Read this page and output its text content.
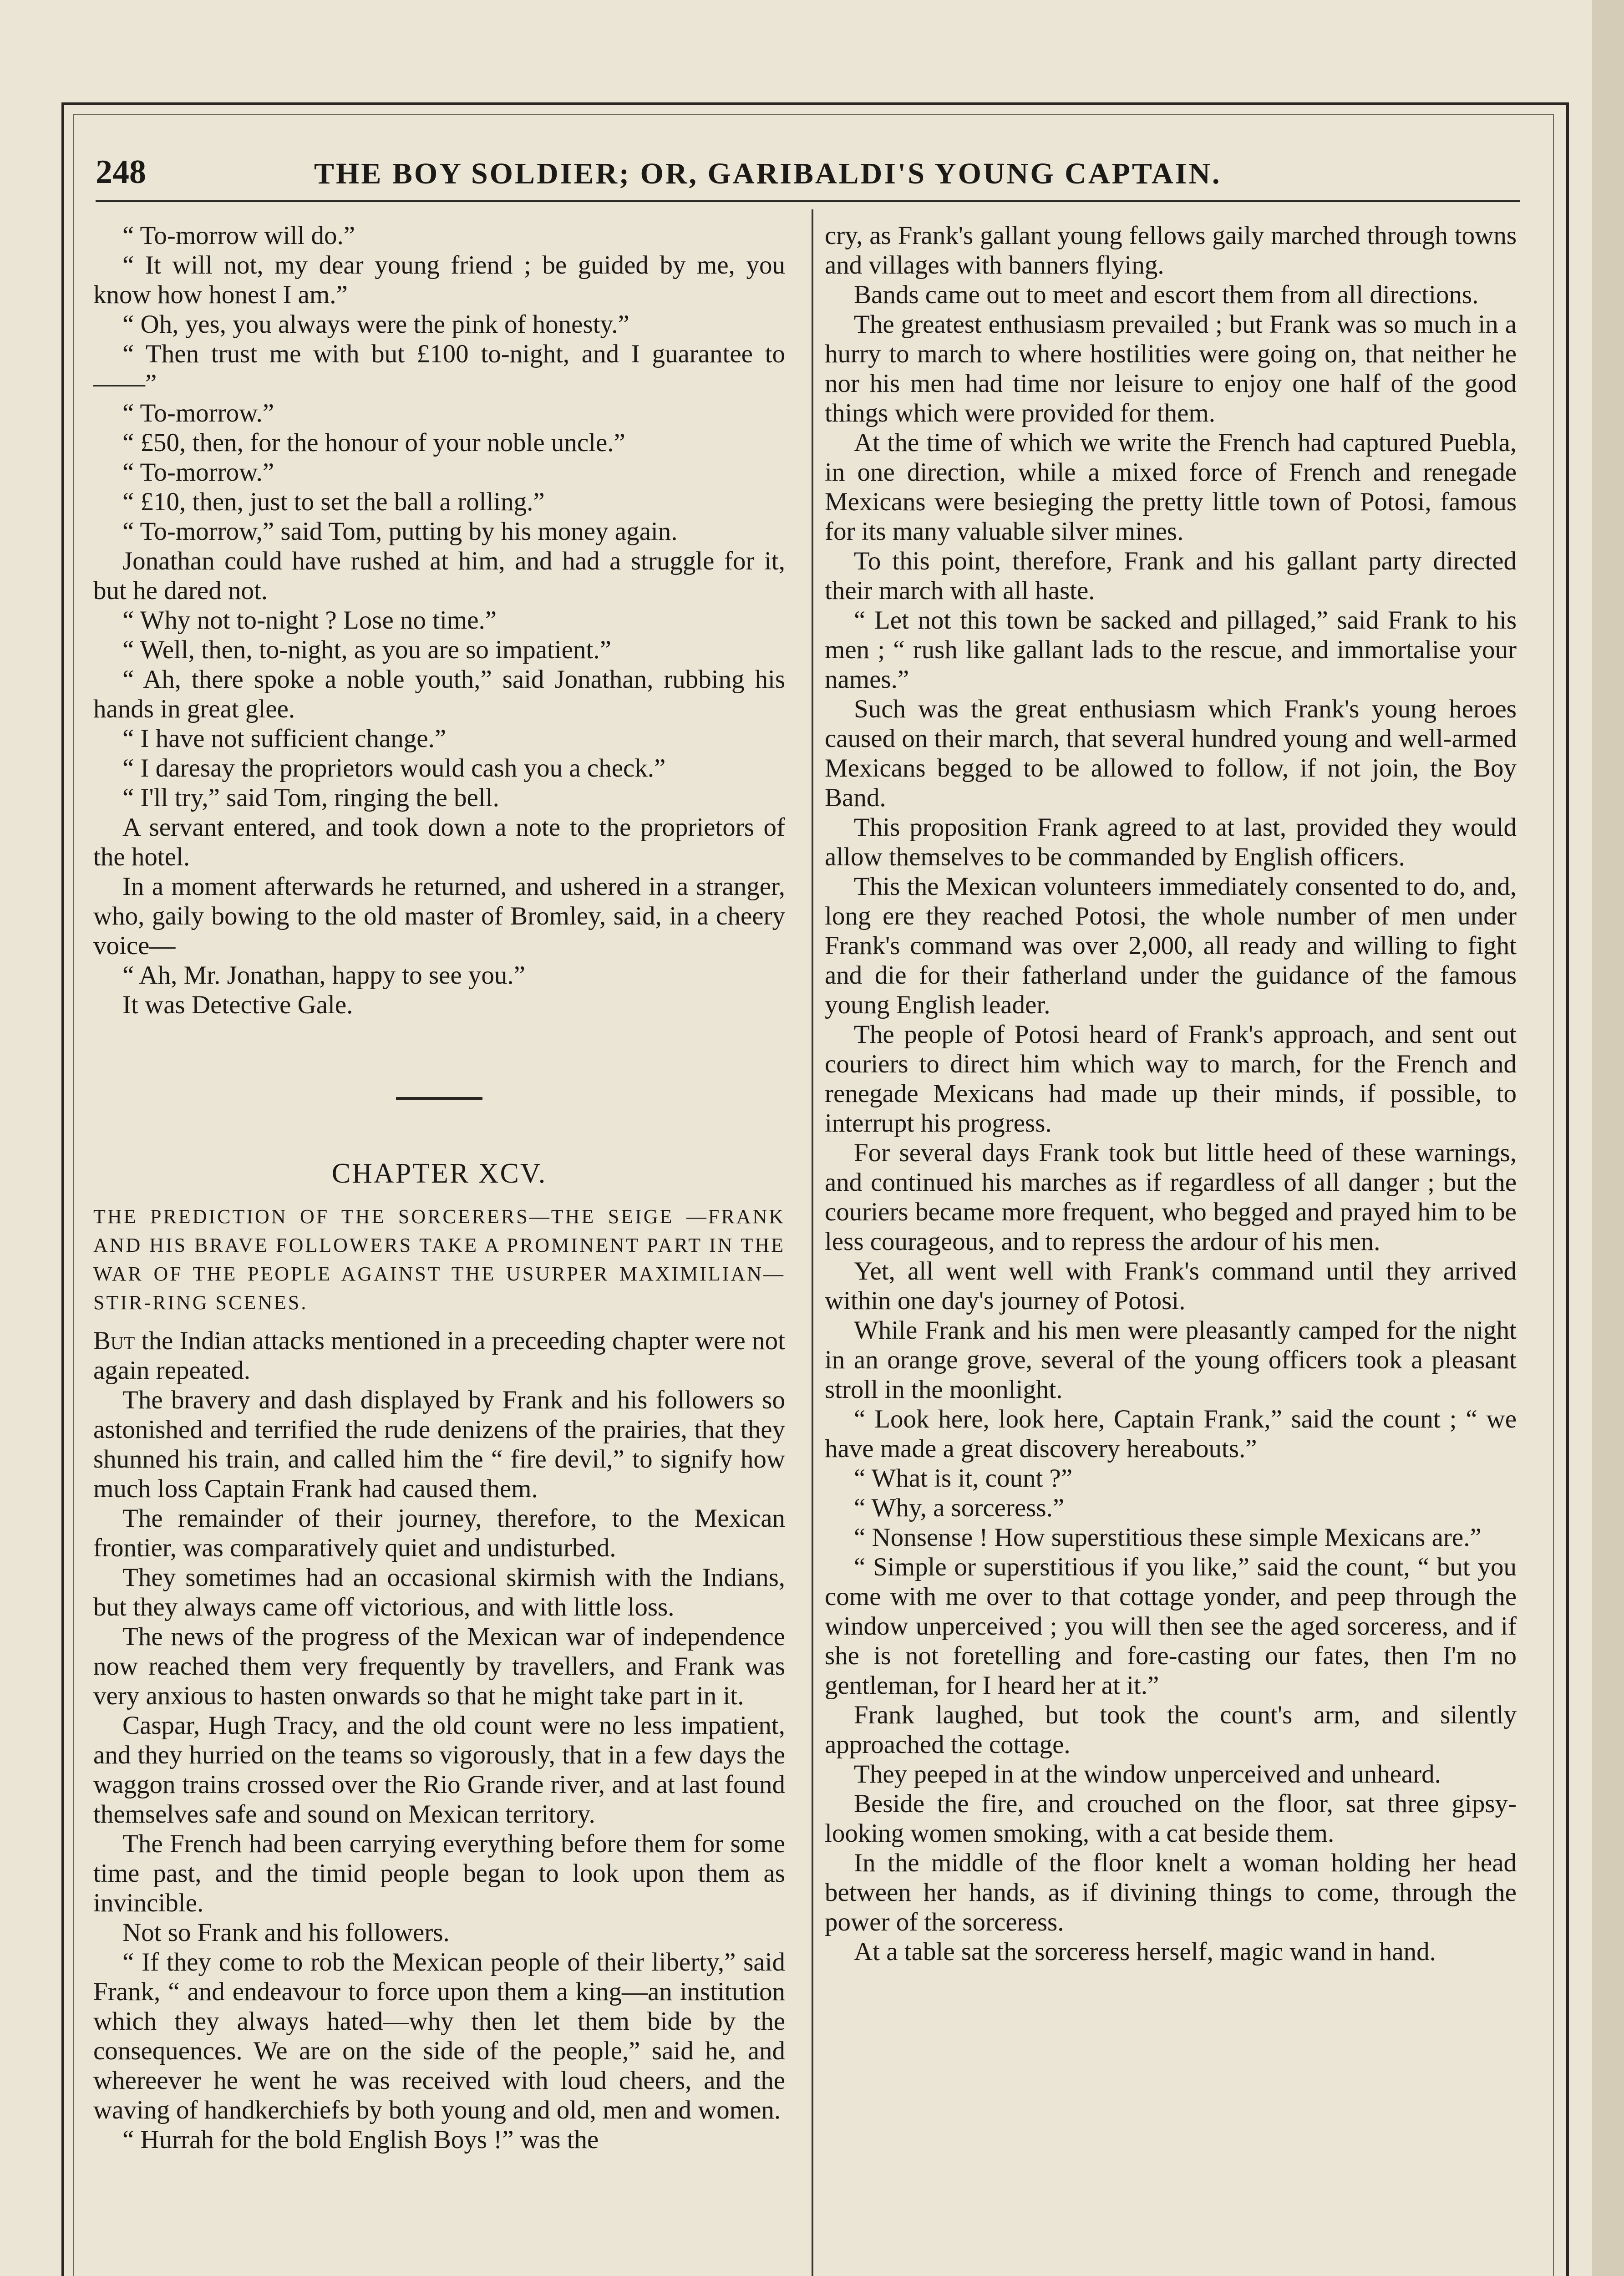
248	THE BOY SOLDIER; OR, GARIBALDI'S YOUNG CAPTAIN.

“ To-morrow will do.”

“ It will not, my dear young friend ; be guided by me, you know how honest I am.”

“ Oh, yes, you always were the pink of honesty.”

“ Then trust me with but £100 to-night, and I guarantee to——”

“ To-morrow.”

“ £50, then, for the honour of your noble uncle.”

“ To-morrow.”

“ £10, then, just to set the ball a rolling.”

“ To-morrow,” said Tom, putting by his money again.

Jonathan could have rushed at him, and had a struggle for it, but he dared not.

“ Why not to-night ? Lose no time.”

“ Well, then, to-night, as you are so impatient.”

“ Ah, there spoke a noble youth,” said Jonathan, rubbing his hands in great glee.

“ I have not sufficient change.”

“ I daresay the proprietors would cash you a check.”

“ I'll try,” said Tom, ringing the bell.

A servant entered, and took down a note to the proprietors of the hotel.

In a moment afterwards he returned, and ushered in a stranger, who, gaily bowing to the old master of Bromley, said, in a cheery voice—

“ Ah, Mr. Jonathan, happy to see you.”

It was Detective Gale.

CHAPTER XCV.
THE PREDICTION OF THE SORCERERS—THE SEIGE —FRANK AND HIS BRAVE FOLLOWERS TAKE A PROMINENT PART IN THE WAR OF THE PEOPLE AGAINST THE USURPER MAXIMILIAN—STIR-RING SCENES.

But the Indian attacks mentioned in a preceeding chapter were not again repeated.

The bravery and dash displayed by Frank and his followers so astonished and terrified the rude denizens of the prairies, that they shunned his train, and called him the “ fire devil,” to signify how much loss Captain Frank had caused them.

The remainder of their journey, therefore, to the Mexican frontier, was comparatively quiet and undisturbed.

They sometimes had an occasional skirmish with the Indians, but they always came off victorious, and with little loss.

The news of the progress of the Mexican war of independence now reached them very frequently by travellers, and Frank was very anxious to hasten onwards so that he might take part in it.

Caspar, Hugh Tracy, and the old count were no less impatient, and they hurried on the teams so vigorously, that in a few days the waggon trains crossed over the Rio Grande river, and at last found themselves safe and sound on Mexican territory.

The French had been carrying everything before them for some time past, and the timid people began to look upon them as invincible.

Not so Frank and his followers.

“ If they come to rob the Mexican people of their liberty,” said Frank, “ and endeavour to force upon them a king—an institution which they always hated—why then let them bide by the consequences. We are on the side of the people,” said he, and whereever he went he was received with loud cheers, and the waving of handkerchiefs by both young and old, men and women.

“ Hurrah for the bold English Boys !” was the

cry, as Frank's gallant young fellows gaily marched through towns and villages with banners flying.

Bands came out to meet and escort them from all directions.

The greatest enthusiasm prevailed ; but Frank was so much in a hurry to march to where hostilities were going on, that neither he nor his men had time nor leisure to enjoy one half of the good things which were provided for them.

At the time of which we write the French had captured Puebla, in one direction, while a mixed force of French and renegade Mexicans were besieging the pretty little town of Potosi, famous for its many valuable silver mines.

To this point, therefore, Frank and his gallant party directed their march with all haste.

“ Let not this town be sacked and pillaged,” said Frank to his men ; “ rush like gallant lads to the rescue, and immortalise your names.”

Such was the great enthusiasm which Frank's young heroes caused on their march, that several hundred young and well-armed Mexicans begged to be allowed to follow, if not join, the Boy Band.

This proposition Frank agreed to at last, provided they would allow themselves to be commanded by English officers.

This the Mexican volunteers immediately consented to do, and, long ere they reached Potosi, the whole number of men under Frank's command was over 2,000, all ready and willing to fight and die for their fatherland under the guidance of the famous young English leader.

The people of Potosi heard of Frank's approach, and sent out couriers to direct him which way to march, for the French and renegade Mexicans had made up their minds, if possible, to interrupt his progress.

For several days Frank took but little heed of these warnings, and continued his marches as if regardless of all danger ; but the couriers became more frequent, who begged and prayed him to be less courageous, and to repress the ardour of his men.

Yet, all went well with Frank's command until they arrived within one day's journey of Potosi.

While Frank and his men were pleasantly camped for the night in an orange grove, several of the young officers took a pleasant stroll in the moonlight.

“ Look here, look here, Captain Frank,” said the count ; “ we have made a great discovery hereabouts.”

“ What is it, count ?”

“ Why, a sorceress.”

“ Nonsense ! How superstitious these simple Mexicans are.”

“ Simple or superstitious if you like,” said the count, “ but you come with me over to that cottage yonder, and peep through the window unperceived ; you will then see the aged sorceress, and if she is not foretelling and fore-casting our fates, then I'm no gentleman, for I heard her at it.”

Frank laughed, but took the count's arm, and silently approached the cottage.

They peeped in at the window unperceived and unheard.

Beside the fire, and crouched on the floor, sat three gipsy-looking women smoking, with a cat beside them.

In the middle of the floor knelt a woman holding her head between her hands, as if divining things to come, through the power of the sorceress.

At a table sat the sorceress herself, magic wand in hand.
